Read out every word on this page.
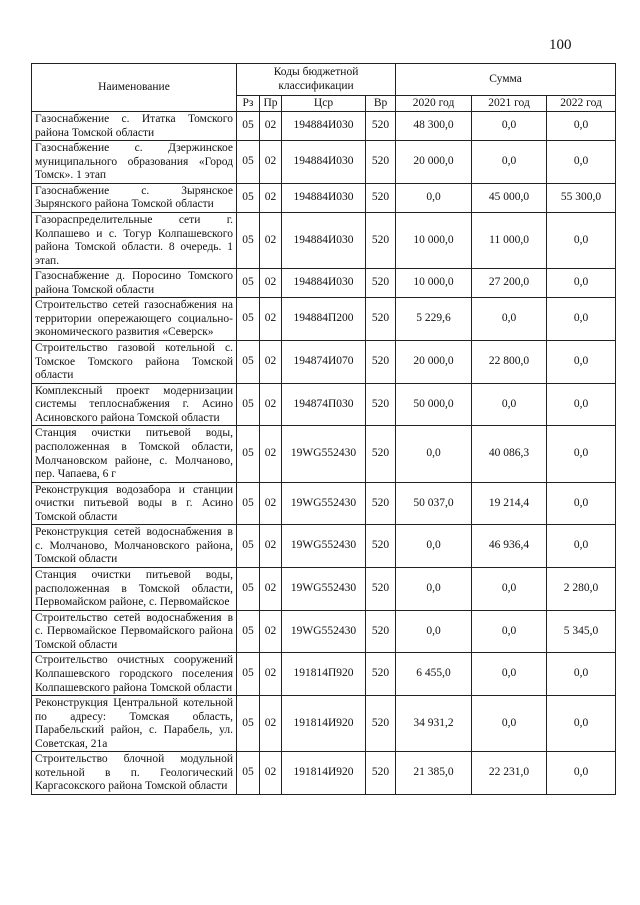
100
Наименование	Коды бюджетной классификации				Сумма		
	Рз	Пр	Цср	Вр	2020 год	2021 год	2022 год
Газоснабжение с. Итатка Томского района Томской области	05	02	194884И030	520	48 300,0	0,0	0,0
Газоснабжение с. Дзержинское муниципального образования «Город Томск». 1 этап	05	02	194884И030	520	20 000,0	0,0	0,0
Газоснабжение с. Зырянское Зырянского района Томской области	05	02	194884И030	520	0,0	45 000,0	55 300,0
Газораспределительные сети г. Колпашево и с. Тогур Колпашевского района Томской области. 8 очередь. 1 этап.	05	02	194884И030	520	10 000,0	11 000,0	0,0
Газоснабжение д. Поросино Томского района Томской области	05	02	194884И030	520	10 000,0	27 200,0	0,0
Строительство сетей газоснабжения на территории опережающего социально-экономического развития «Северск»	05	02	194884П200	520	5 229,6	0,0	0,0
Строительство газовой котельной с. Томское Томского района Томской области	05	02	194874И070	520	20 000,0	22 800,0	0,0
Комплексный проект модернизации системы теплоснабжения г. Асино Асиновского района Томской области	05	02	194874П030	520	50 000,0	0,0	0,0
Станция очистки питьевой воды, расположенная в Томской области, Молчановском районе, с. Молчаново, пер. Чапаева, 6 г	05	02	19WG552430	520	0,0	40 086,3	0,0
Реконструкция водозабора и станции очистки питьевой воды в г. Асино Томской области	05	02	19WG552430	520	50 037,0	19 214,4	0,0
Реконструкция сетей водоснабжения в с. Молчаново, Молчановского района, Томской области	05	02	19WG552430	520	0,0	46 936,4	0,0
Станция очистки питьевой воды, расположенная в Томской области, Первомайском районе, с. Первомайское	05	02	19WG552430	520	0,0	0,0	2 280,0
Строительство сетей водоснабжения в с. Первомайское Первомайского района Томской области	05	02	19WG552430	520	0,0	0,0	5 345,0
Строительство очистных сооружений Колпашевского городского поселения Колпашевского района Томской области	05	02	191814П920	520	6 455,0	0,0	0,0
Реконструкция Центральной котельной по адресу: Томская область, Парабельский район, с. Парабель, ул. Советская, 21а	05	02	191814И920	520	34 931,2	0,0	0,0
Строительство блочной модульной котельной в п. Геологический Каргасокского района Томской области	05	02	191814И920	520	21 385,0	22 231,0	0,0
